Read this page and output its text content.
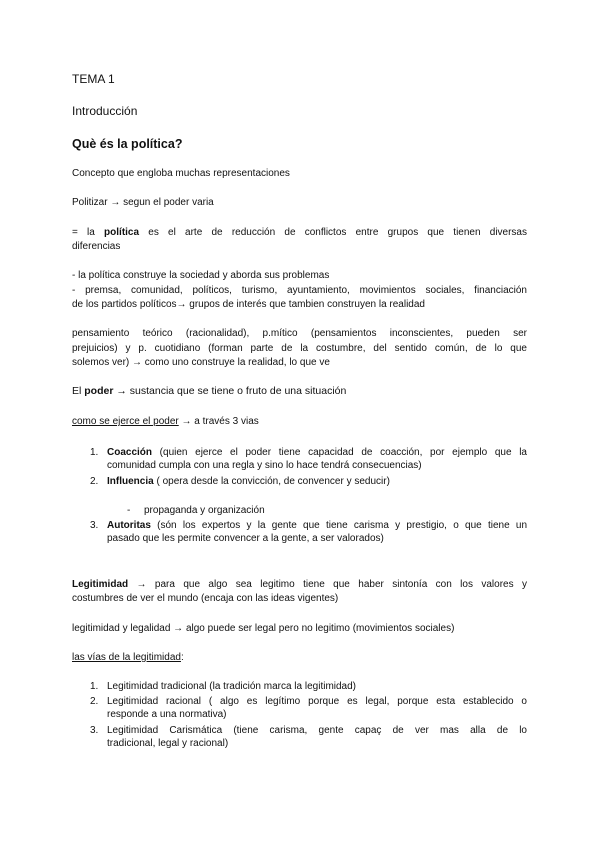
TEMA 1
Introducción
Què és la política?
Concepto que engloba muchas representaciones
Politizar → segun el poder varia
= la política es el arte de reducción de conflictos entre grupos que tienen diversas
diferencias
- la política construye la sociedad y aborda sus problemas
- premsa, comunidad, políticos, turismo, ayuntamiento, movimientos sociales, financiación
de los partidos políticos→ grupos de interés que tambien construyen la realidad
pensamiento teórico (racionalidad), p.mítico (pensamientos inconscientes, pueden ser
prejuicios) y p. cuotidiano (forman parte de la costumbre, del sentido común, de lo que
solemos ver) → como uno construye la realidad, lo que ve
El poder → sustancia que se tiene o fruto de una situación
como se ejerce el poder → a través 3 vias
1. Coacción (quien ejerce el poder tiene capacidad de coacción, por ejemplo que la
comunidad cumpla con una regla y sino lo hace tendrá consecuencias)
2. Influencia ( opera desde la convicción, de convencer y seducir)
- propaganda y organización
3. Autoritas (són los expertos y la gente que tiene carisma y prestigio, o que tiene un
pasado que les permite convencer a la gente, a ser valorados)
Legitimidad → para que algo sea legitimo tiene que haber sintonía con los valores y
costumbres de ver el mundo (encaja con las ideas vigentes)
legitimidad y legalidad → algo puede ser legal pero no legitimo (movimientos sociales)
las vías de la legitimidad:
1. Legitimidad tradicional (la tradición marca la legitimidad)
2. Legitimidad racional ( algo es legítimo porque es legal, porque esta establecido o
responde a una normativa)
3. Legitimidad Carismática (tiene carisma, gente capaç de ver mas alla de lo
tradicional, legal y racional)
